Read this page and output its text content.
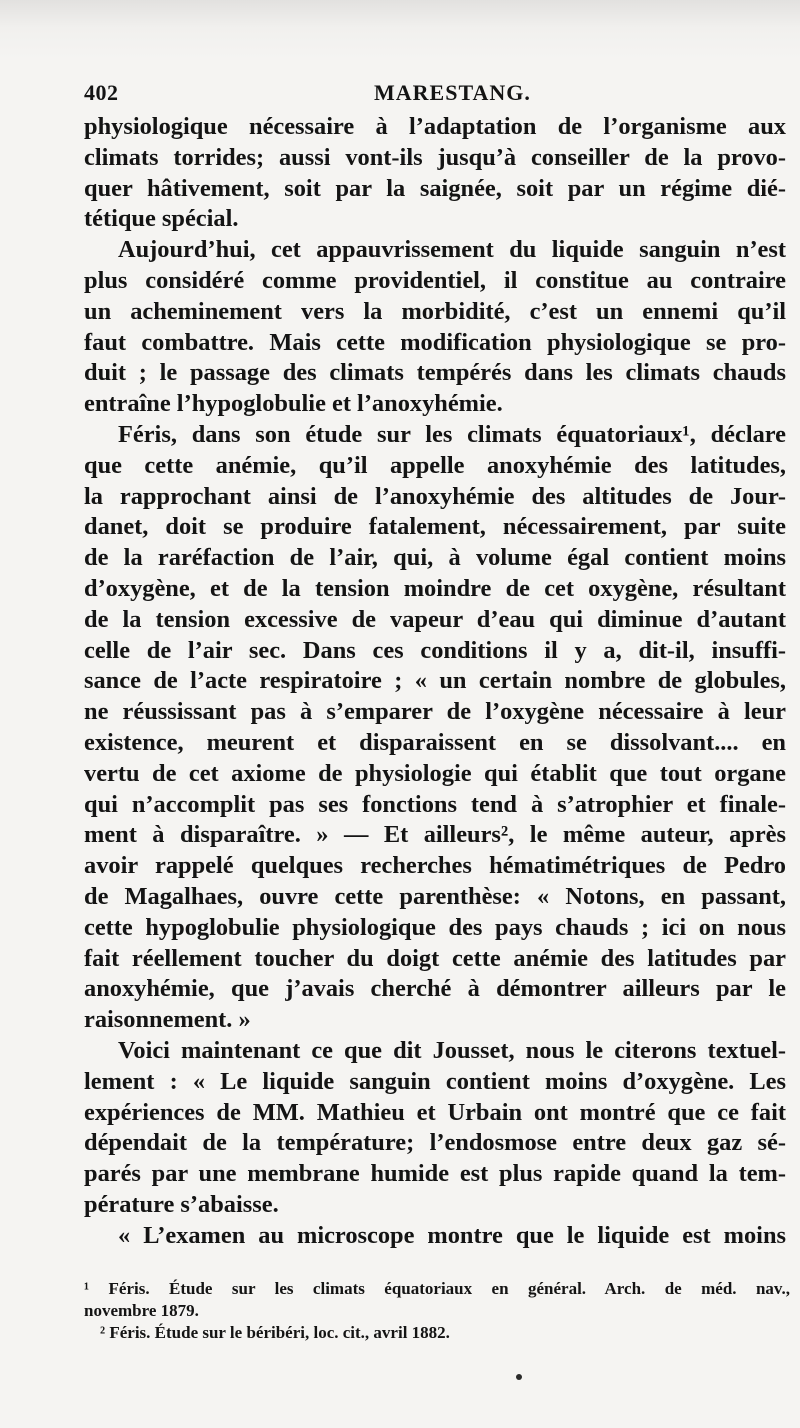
402	MARESTANG.
physiologique nécessaire à l’adaptation de l’organisme aux
climats torrides; aussi vont-ils jusqu’à conseiller de la provo-
quer hâtivement, soit par la saignée, soit par un régime dié-
tétique spécial.
Aujourd’hui, cet appauvrissement du liquide sanguin n’est
plus considéré comme providentiel, il constitue au contraire
un acheminement vers la morbidité, c’est un ennemi qu’il
faut combattre. Mais cette modification physiologique se pro-
duit ; le passage des climats tempérés dans les climats chauds
entraîne l’hypoglobulie et l’anoxyhémie.
Féris, dans son étude sur les climats équatoriaux¹, déclare
que cette anémie, qu’il appelle anoxyhémie des latitudes,
la rapprochant ainsi de l’anoxyhémie des altitudes de Jour-
danet, doit se produire fatalement, nécessairement, par suite
de la raréfaction de l’air, qui, à volume égal contient moins
d’oxygène, et de la tension moindre de cet oxygène, résultant
de la tension excessive de vapeur d’eau qui diminue d’autant
celle de l’air sec. Dans ces conditions il y a, dit-il, insuffi-
sance de l’acte respiratoire ; « un certain nombre de globules,
ne réussissant pas à s’emparer de l’oxygène nécessaire à leur
existence, meurent et disparaissent en se dissolvant.... en
vertu de cet axiome de physiologie qui établit que tout organe
qui n’accomplit pas ses fonctions tend à s’atrophier et finale-
ment à disparaître. » — Et ailleurs², le même auteur, après
avoir rappelé quelques recherches hématimétriques de Pedro
de Magalhaes, ouvre cette parenthèse: « Notons, en passant,
cette hypoglobulie physiologique des pays chauds ; ici on nous
fait réellement toucher du doigt cette anémie des latitudes par
anoxyhémie, que j’avais cherché à démontrer ailleurs par le
raisonnement. »
Voici maintenant ce que dit Jousset, nous le citerons textuel-
lement : « Le liquide sanguin contient moins d’oxygène. Les
expériences de MM. Mathieu et Urbain ont montré que ce fait
dépendait de la température; l’endosmose entre deux gaz sé-
parés par une membrane humide est plus rapide quand la tem-
pérature s’abaisse.
« L’examen au microscope montre que le liquide est moins
¹ Féris. Étude sur les climats équatoriaux en général. Arch. de méd. nav.,
novembre 1879.
² Féris. Étude sur le béribéri, loc. cit., avril 1882.
